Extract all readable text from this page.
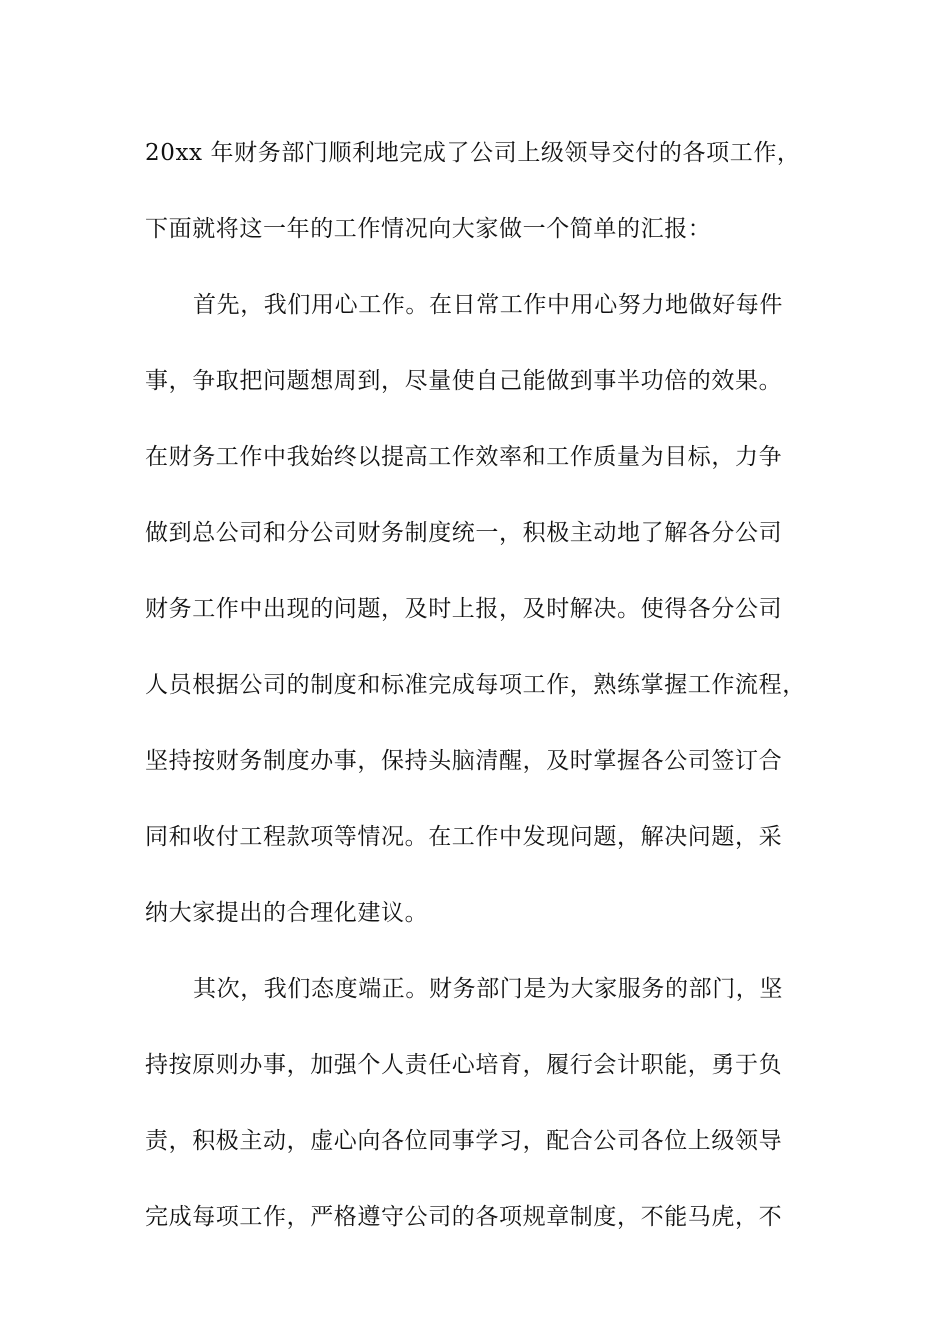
20xx 年财务部门顺利地完成了公司上级领导交付的各项工作，
下面就将这一年的工作情况向大家做一个简单的汇报：
首先，我们用心工作。在日常工作中用心努力地做好每件
事，争取把问题想周到，尽量使自己能做到事半功倍的效果。
在财务工作中我始终以提高工作效率和工作质量为目标，力争
做到总公司和分公司财务制度统一，积极主动地了解各分公司
财务工作中出现的问题，及时上报，及时解决。使得各分公司
人员根据公司的制度和标准完成每项工作，熟练掌握工作流程，
坚持按财务制度办事，保持头脑清醒，及时掌握各公司签订合
同和收付工程款项等情况。在工作中发现问题，解决问题，采
纳大家提出的合理化建议。
其次，我们态度端正。财务部门是为大家服务的部门，坚
持按原则办事，加强个人责任心培育，履行会计职能，勇于负
责，积极主动，虚心向各位同事学习，配合公司各位上级领导
完成每项工作，严格遵守公司的各项规章制度，不能马虎，不
